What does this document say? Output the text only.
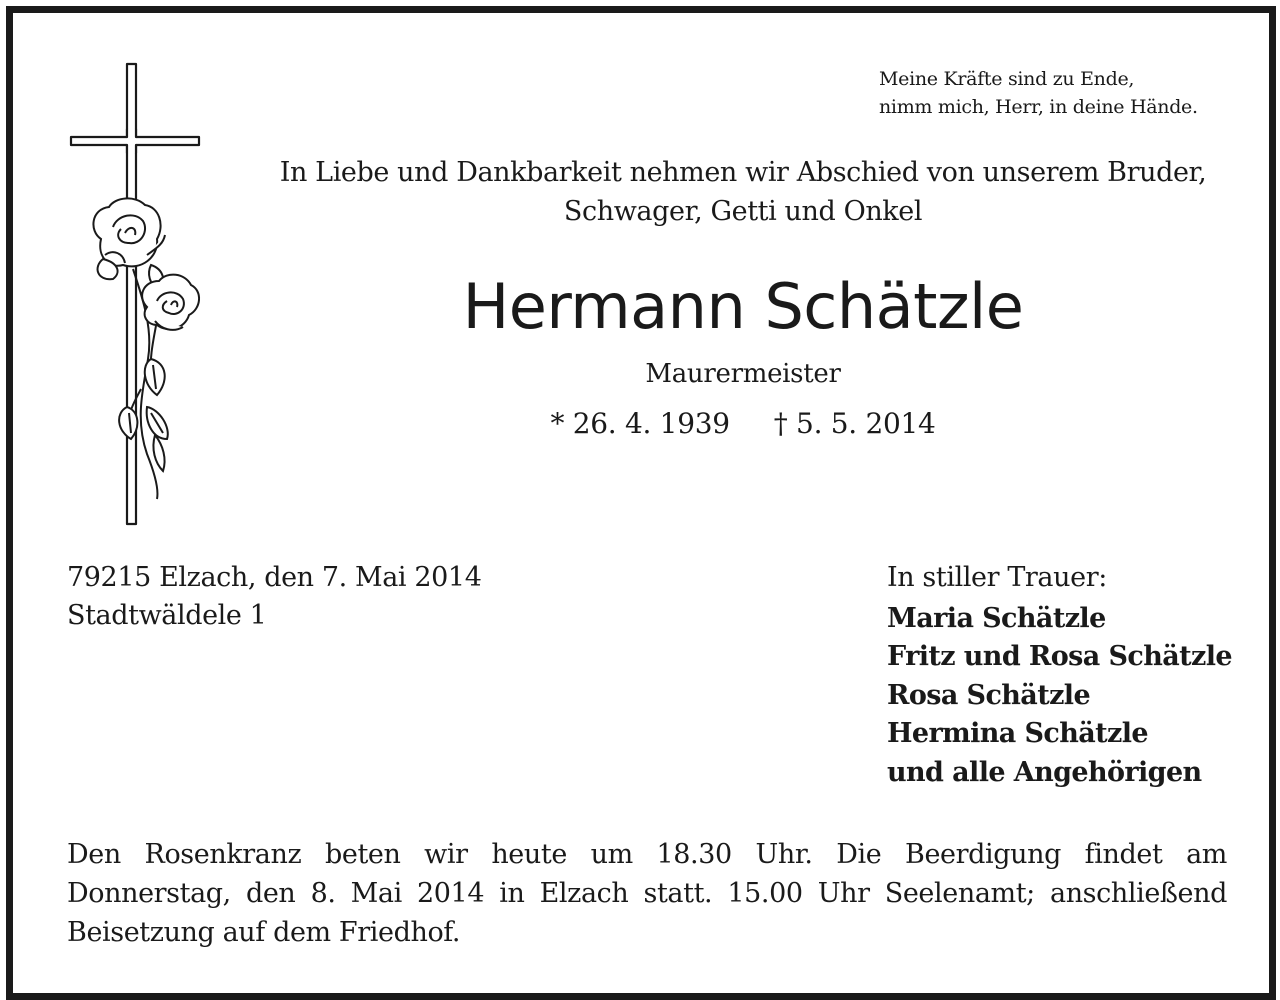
Meine Kräfte sind zu Ende,
nimm mich, Herr, in deine Hände.

In Liebe und Dankbarkeit nehmen wir Abschied von unserem Bruder,
Schwager, Getti und Onkel

Hermann Schätzle

Maurermeister

* 26. 4. 1939 † 5. 5. 2014

79215 Elzach, den 7. Mai 2014
Stadtwäldele 1

In stiller Trauer:
Maria Schätzle
Fritz und Rosa Schätzle
Rosa Schätzle
Hermina Schätzle
und alle Angehörigen

Den Rosenkranz beten wir heute um 18.30 Uhr. Die Beerdigung findet am Donnerstag, den 8. Mai 2014 in Elzach statt. 15.00 Uhr Seelenamt; anschließend Beisetzung auf dem Friedhof.
